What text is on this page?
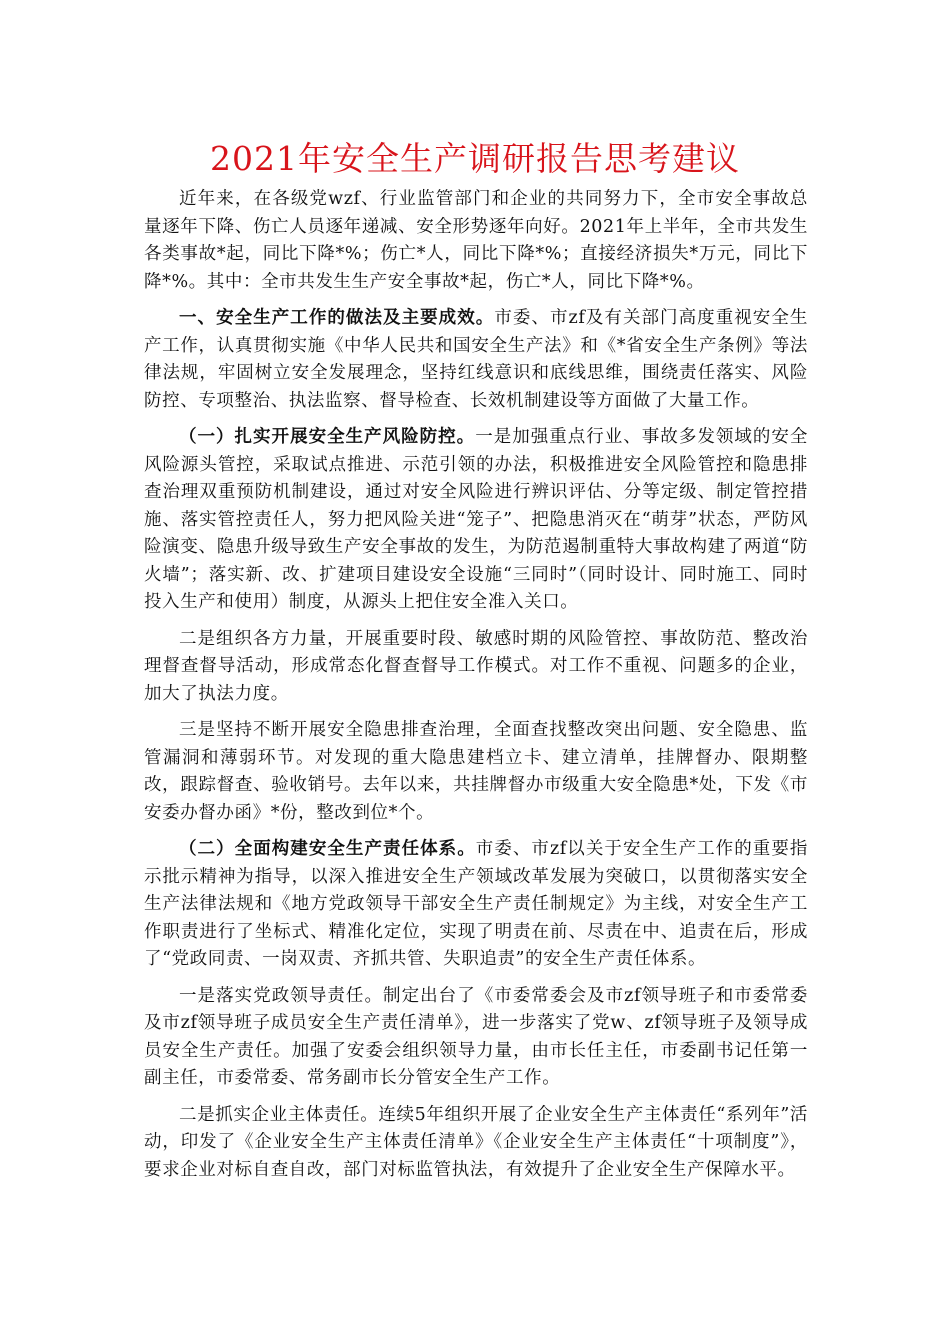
2021年安全生产调研报告思考建议

近年来，在各级党wzf、行业监管部门和企业的共同努力下，全市安全事故总量逐年下降、伤亡人员逐年递减、安全形势逐年向好。2021年上半年，全市共发生各类事故*起，同比下降*%；伤亡*人，同比下降*%；直接经济损失*万元，同比下降*%。其中：全市共发生生产安全事故*起，伤亡*人，同比下降*%。

一、安全生产工作的做法及主要成效。市委、市zf及有关部门高度重视安全生产工作，认真贯彻实施《中华人民共和国安全生产法》和《*省安全生产条例》等法律法规，牢固树立安全发展理念，坚持红线意识和底线思维，围绕责任落实、风险防控、专项整治、执法监察、督导检查、长效机制建设等方面做了大量工作。

（一）扎实开展安全生产风险防控。一是加强重点行业、事故多发领域的安全风险源头管控，采取试点推进、示范引领的办法，积极推进安全风险管控和隐患排查治理双重预防机制建设，通过对安全风险进行辨识评估、分等定级、制定管控措施、落实管控责任人，努力把风险关进“笼子”、把隐患消灭在“萌芽”状态，严防风险演变、隐患升级导致生产安全事故的发生，为防范遏制重特大事故构建了两道“防火墙”；落实新、改、扩建项目建设安全设施“三同时”（同时设计、同时施工、同时投入生产和使用）制度，从源头上把住安全准入关口。

二是组织各方力量，开展重要时段、敏感时期的风险管控、事故防范、整改治理督查督导活动，形成常态化督查督导工作模式。对工作不重视、问题多的企业，加大了执法力度。

三是坚持不断开展安全隐患排查治理，全面查找整改突出问题、安全隐患、监管漏洞和薄弱环节。对发现的重大隐患建档立卡、建立清单，挂牌督办、限期整改，跟踪督查、验收销号。去年以来，共挂牌督办市级重大安全隐患*处，下发《市安委办督办函》*份，整改到位*个。

（二）全面构建安全生产责任体系。市委、市zf以关于安全生产工作的重要指示批示精神为指导，以深入推进安全生产领域改革发展为突破口，以贯彻落实安全生产法律法规和《地方党政领导干部安全生产责任制规定》为主线，对安全生产工作职责进行了坐标式、精准化定位，实现了明责在前、尽责在中、追责在后，形成了“党政同责、一岗双责、齐抓共管、失职追责”的安全生产责任体系。

一是落实党政领导责任。制定出台了《市委常委会及市zf领导班子和市委常委及市zf领导班子成员安全生产责任清单》，进一步落实了党w、zf领导班子及领导成员安全生产责任。加强了安委会组织领导力量，由市长任主任，市委副书记任第一副主任，市委常委、常务副市长分管安全生产工作。

二是抓实企业主体责任。连续5年组织开展了企业安全生产主体责任“系列年”活动，印发了《企业安全生产主体责任清单》《企业安全生产主体责任“十项制度”》，要求企业对标自查自改，部门对标监管执法，有效提升了企业安全生产保障水平。
